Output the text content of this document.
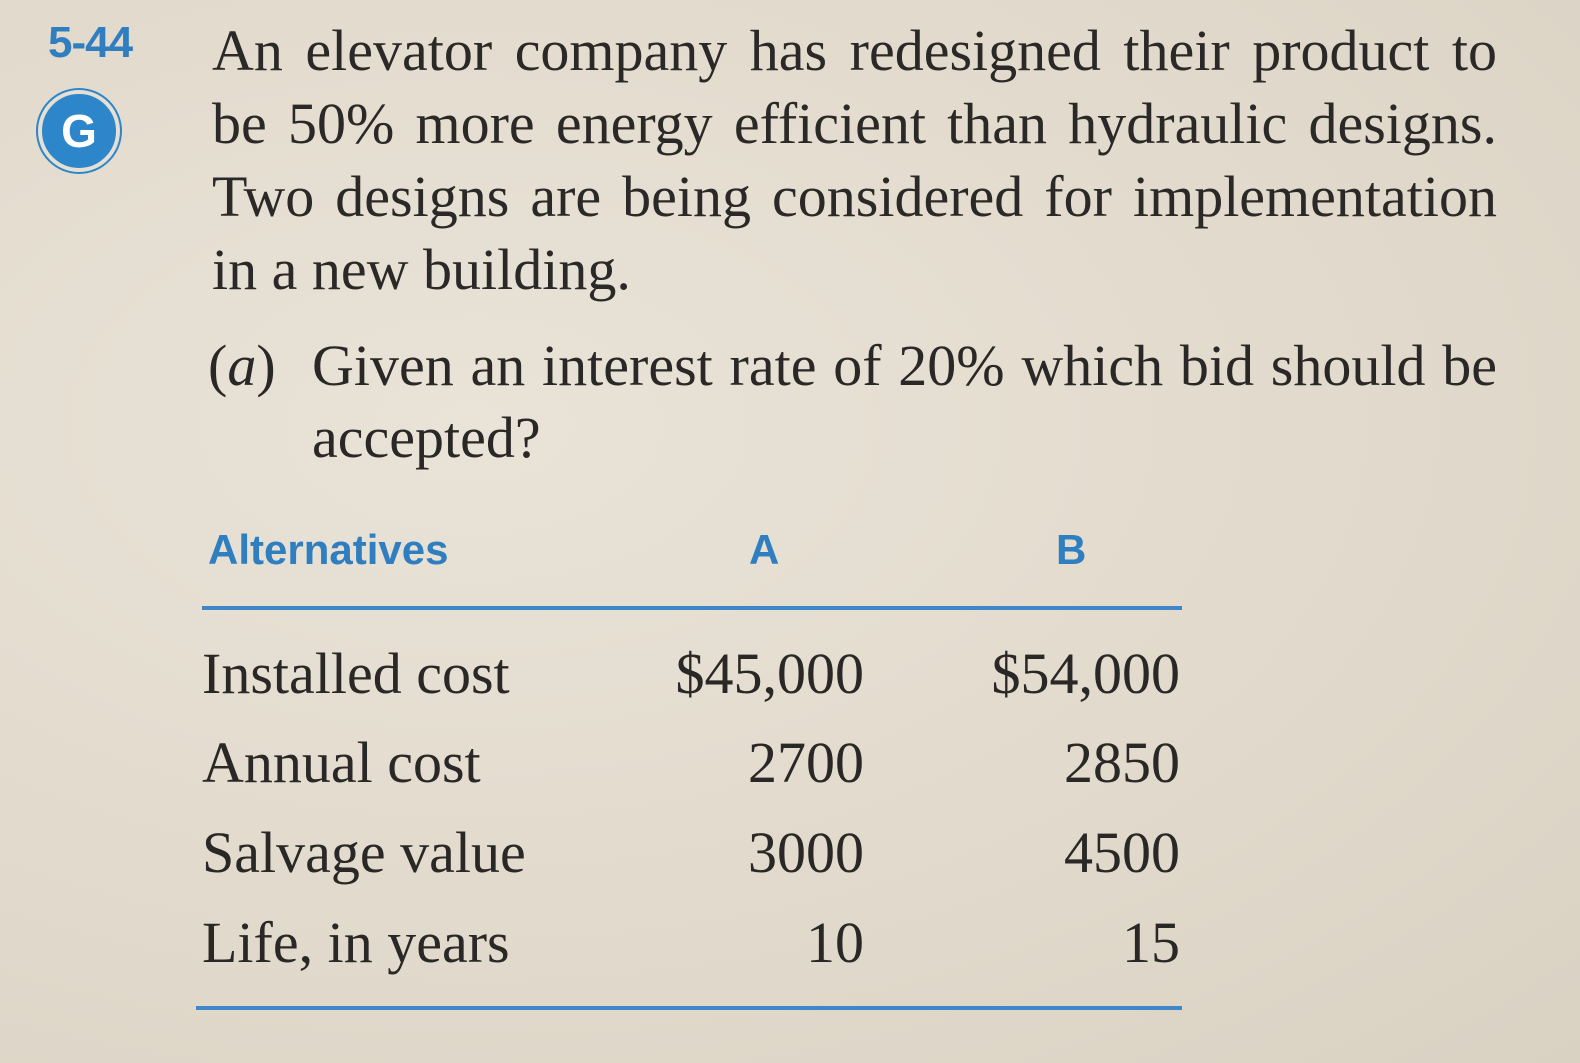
5-44
G

An elevator company has redesigned their product to be 50% more energy efficient than hydraulic designs. Two designs are being considered for implementation in a new building.

(a) Given an interest rate of 20% which bid should be accepted?

Alternatives	A	B
Installed cost	$45,000	$54,000
Annual cost	2700	2850
Salvage value	3000	4500
Life, in years	10	15
